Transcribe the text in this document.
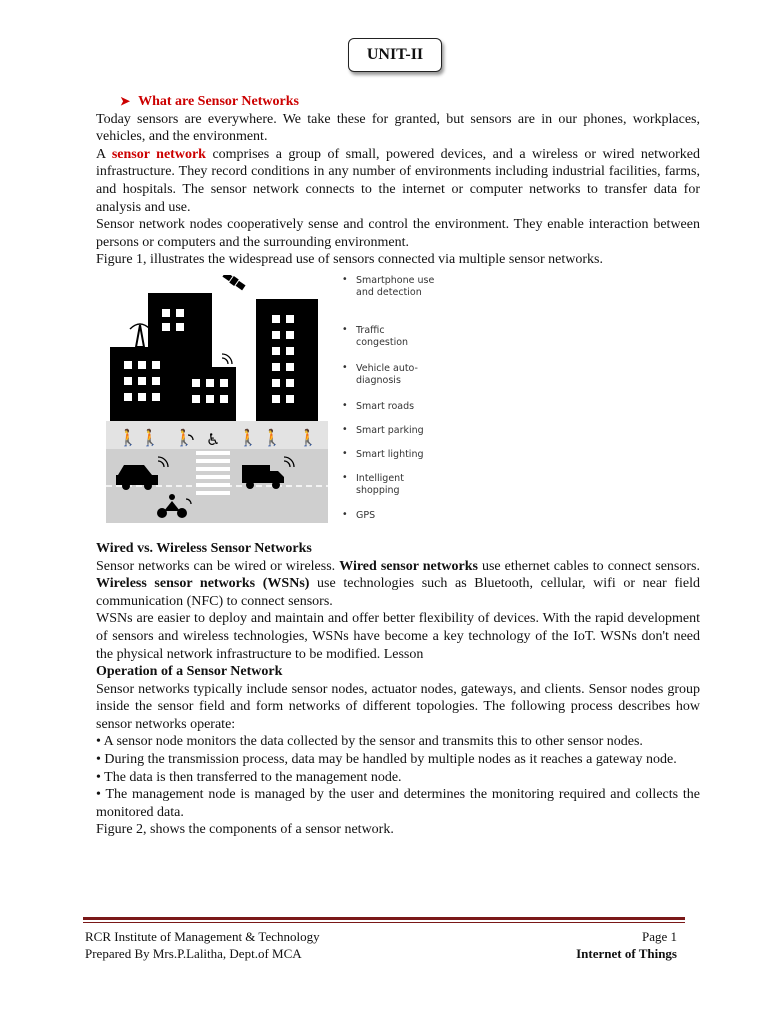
UNIT-II

➤ What are Sensor Networks

Today sensors are everywhere. We take these for granted, but sensors are in our phones, workplaces, vehicles, and the environment.

A sensor network comprises a group of small, powered devices, and a wireless or wired networked infrastructure. They record conditions in any number of environments including industrial facilities, farms, and hospitals. The sensor network connects to the internet or computer networks to transfer data for analysis and use.

Sensor network nodes cooperatively sense and control the environment. They enable interaction between persons or computers and the surrounding environment.

Figure 1, illustrates the widespread use of sensors connected via multiple sensor networks.

🚶 🚶 🚶 ♿ 🚶 🚶 🚶
• Smartphone use and detection
• Traffic congestion
• Vehicle auto-diagnosis
• Smart roads
• Smart parking
• Smart lighting
• Intelligent shopping
• GPS

Wired vs. Wireless Sensor Networks

Sensor networks can be wired or wireless. Wired sensor networks use ethernet cables to connect sensors. Wireless sensor networks (WSNs) use technologies such as Bluetooth, cellular, wifi or near field communication (NFC) to connect sensors.

WSNs are easier to deploy and maintain and offer better flexibility of devices. With the rapid development of sensors and wireless technologies, WSNs have become a key technology of the IoT. WSNs don't need the physical network infrastructure to be modified. Lesson

Operation of a Sensor Network

Sensor networks typically include sensor nodes, actuator nodes, gateways, and clients. Sensor nodes group inside the sensor field and form networks of different topologies. The following process describes how sensor networks operate:

• A sensor node monitors the data collected by the sensor and transmits this to other sensor nodes.

• During the transmission process, data may be handled by multiple nodes as it reaches a gateway node.

• The data is then transferred to the management node.

• The management node is managed by the user and determines the monitoring required and collects the monitored data.

Figure 2, shows the components of a sensor network.

RCR Institute of Management & Technology	Page 1
Prepared By Mrs.P.Lalitha, Dept.of MCA	Internet of Things
